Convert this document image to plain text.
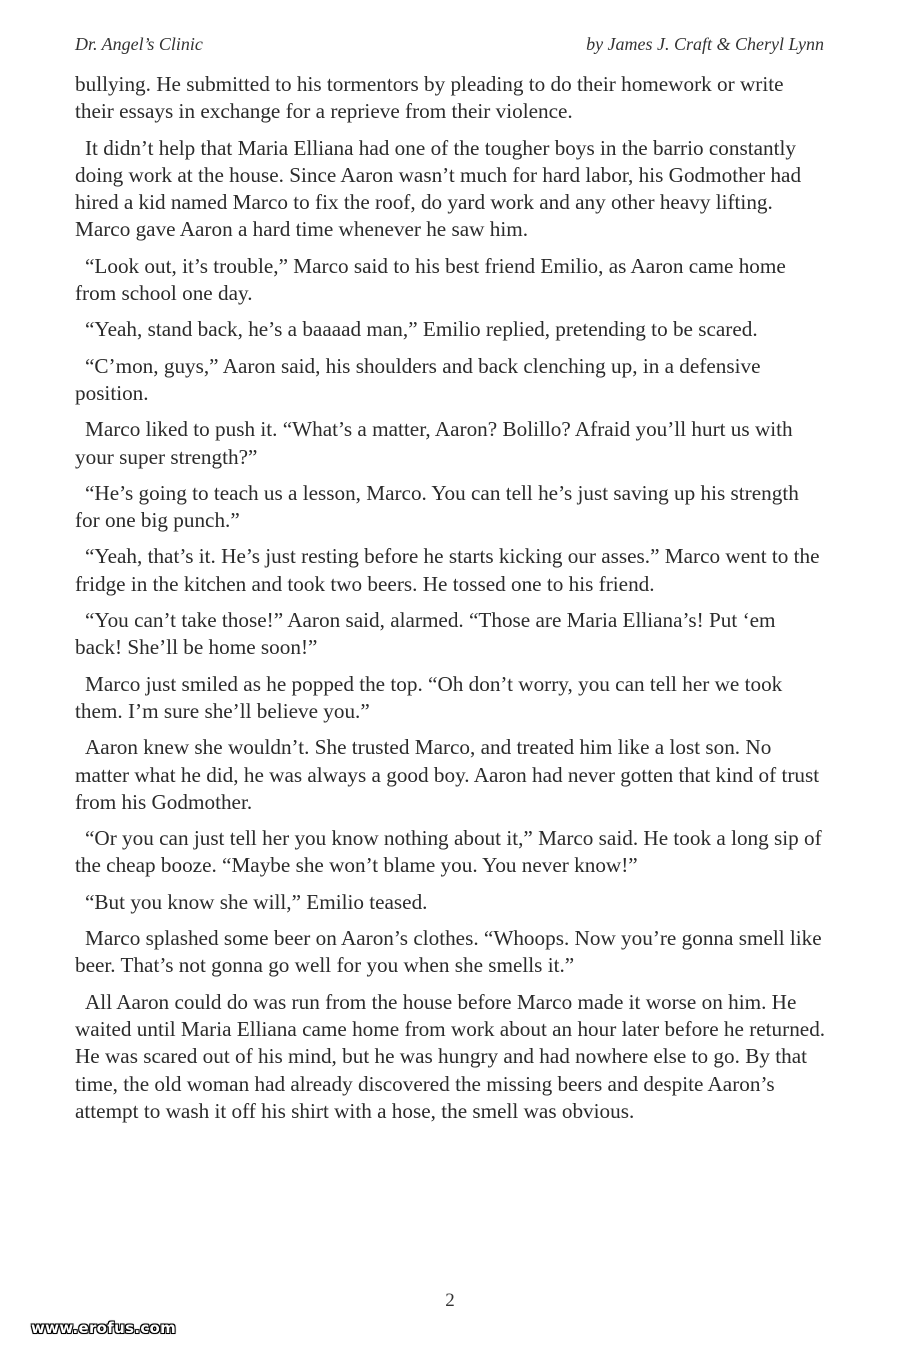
Dr. Angel’s Clinic	by James J. Craft & Cheryl Lynn

bullying. He submitted to his tormentors by pleading to do their homework or write their essays in exchange for a reprieve from their violence.

It didn’t help that Maria Elliana had one of the tougher boys in the barrio constantly doing work at the house. Since Aaron wasn’t much for hard labor, his Godmother had hired a kid named Marco to fix the roof, do yard work and any other heavy lifting. Marco gave Aaron a hard time whenever he saw him.

“Look out, it’s trouble,” Marco said to his best friend Emilio, as Aaron came home from school one day.

“Yeah, stand back, he’s a baaaad man,” Emilio replied, pretending to be scared.

“C’mon, guys,” Aaron said, his shoulders and back clenching up, in a defensive position.

Marco liked to push it. “What’s a matter, Aaron? Bolillo? Afraid you’ll hurt us with your super strength?”

“He’s going to teach us a lesson, Marco. You can tell he’s just saving up his strength for one big punch.”

“Yeah, that’s it. He’s just resting before he starts kicking our asses.” Marco went to the fridge in the kitchen and took two beers. He tossed one to his friend.

“You can’t take those!” Aaron said, alarmed. “Those are Maria Elliana’s! Put ‘em back! She’ll be home soon!”

Marco just smiled as he popped the top. “Oh don’t worry, you can tell her we took them. I’m sure she’ll believe you.”

Aaron knew she wouldn’t. She trusted Marco, and treated him like a lost son. No matter what he did, he was always a good boy. Aaron had never gotten that kind of trust from his Godmother.

“Or you can just tell her you know nothing about it,” Marco said. He took a long sip of the cheap booze. “Maybe she won’t blame you. You never know!”

“But you know she will,” Emilio teased.

Marco splashed some beer on Aaron’s clothes. “Whoops. Now you’re gonna smell like beer. That’s not gonna go well for you when she smells it.”

All Aaron could do was run from the house before Marco made it worse on him. He waited until Maria Elliana came home from work about an hour later before he returned. He was scared out of his mind, but he was hungry and had nowhere else to go. By that time, the old woman had already discovered the missing beers and despite Aaron’s attempt to wash it off his shirt with a hose, the smell was obvious.

2
www.erofus.com
